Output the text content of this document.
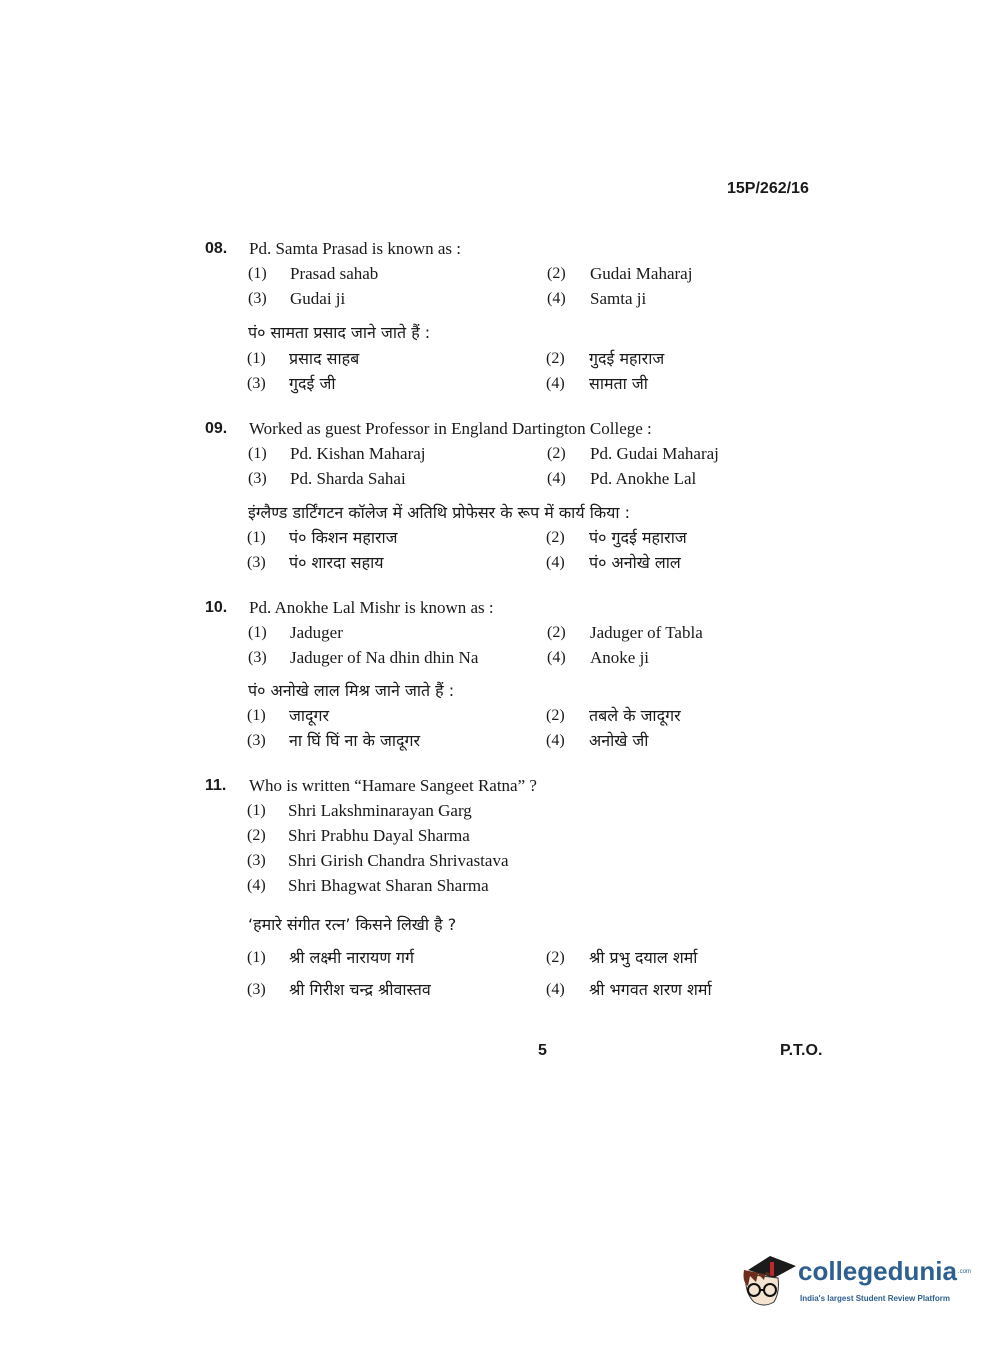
15P/262/16
08. Pd. Samta Prasad is known as :
(1) Prasad sahab	(2) Gudai Maharaj
(3) Gudai ji	(4) Samta ji
पं० सामता प्रसाद जाने जाते हैं :
(1) प्रसाद साहब	(2) गुदई महाराज
(3) गुदई जी	(4) सामता जी
09. Worked as guest Professor in England Dartington College :
(1) Pd. Kishan Maharaj	(2) Pd. Gudai Maharaj
(3) Pd. Sharda Sahai	(4) Pd. Anokhe Lal
इंग्लैण्ड डार्टिंगटन कॉलेज में अतिथि प्रोफेसर के रूप में कार्य किया :
(1) पं० किशन महाराज	(2) पं० गुदई महाराज
(3) पं० शारदा सहाय	(4) पं० अनोखे लाल
10. Pd. Anokhe Lal Mishr is known as :
(1) Jaduger	(2) Jaduger of Tabla
(3) Jaduger of Na dhin dhin Na	(4) Anoke ji
पं० अनोखे लाल मिश्र जाने जाते हैं :
(1) जादूगर	(2) तबले के जादूगर
(3) ना घिं घिं ना के जादूगर	(4) अनोखे जी
11. Who is written “Hamare Sangeet Ratna” ?
(1) Shri Lakshminarayan Garg
(2) Shri Prabhu Dayal Sharma
(3) Shri Girish Chandra Shrivastava
(4) Shri Bhagwat Sharan Sharma
‘हमारे संगीत रत्न’ किसने लिखी है ?
(1) श्री लक्ष्मी नारायण गर्ग	(2) श्री प्रभु दयाल शर्मा
(3) श्री गिरीश चन्द्र श्रीवास्तव	(4) श्री भगवत शरण शर्मा
5	P.T.O.
collegedunia .com
India's largest Student Review Platform
